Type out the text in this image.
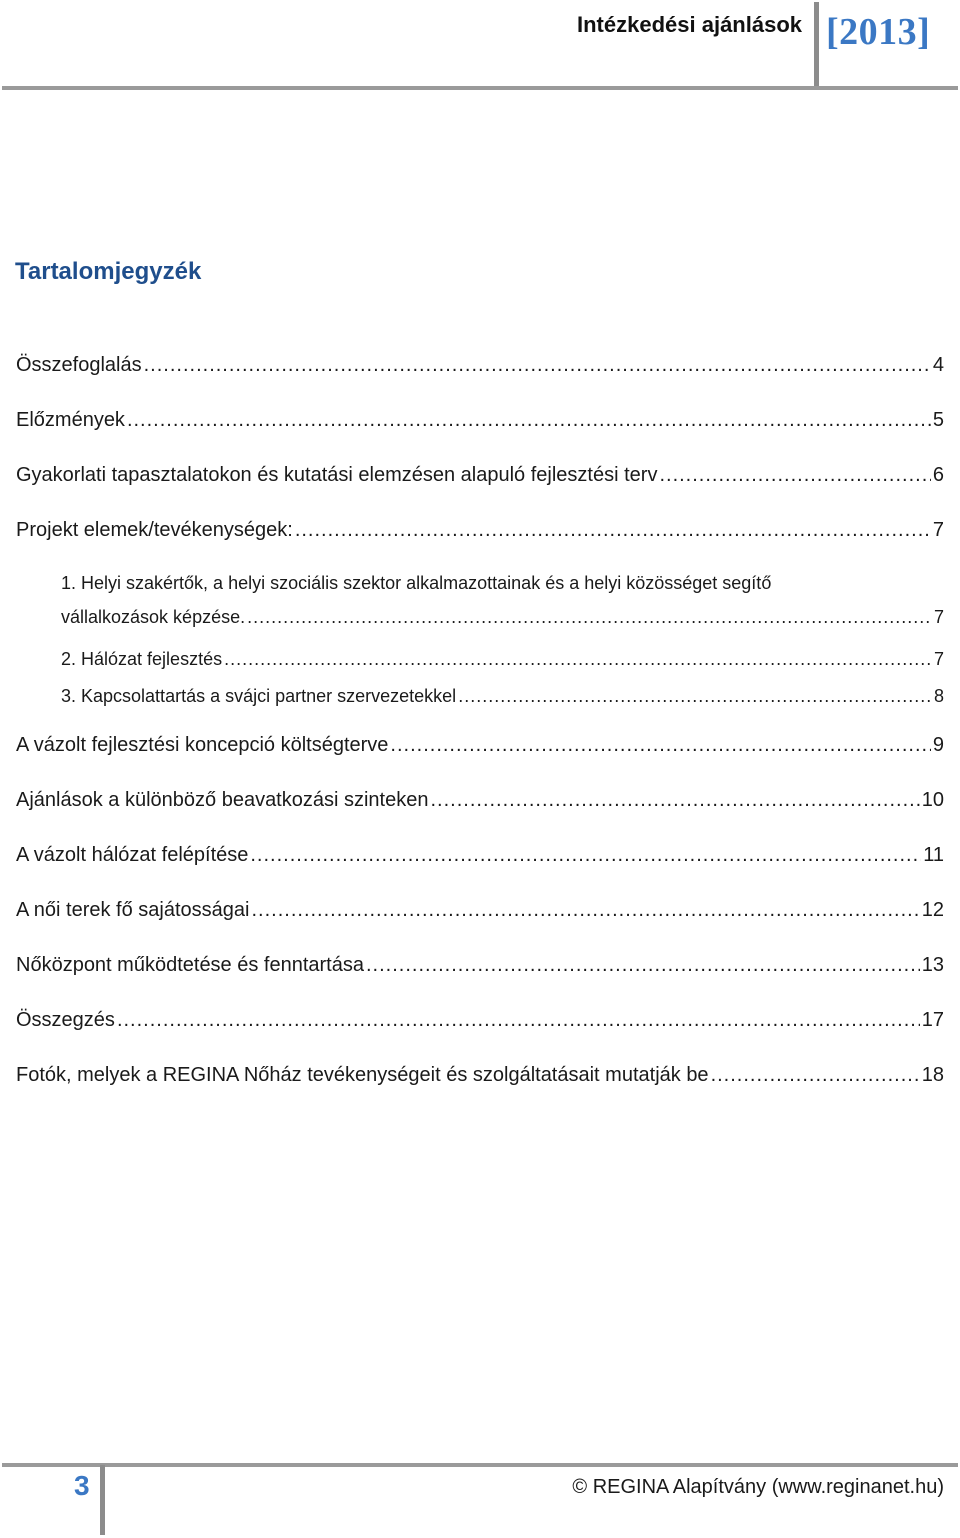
Intézkedési ajánlások [2013]
Tartalomjegyzék
Összefoglalás .....	4
Előzmények .....	5
Gyakorlati tapasztalatokon és kutatási elemzésen alapuló fejlesztési terv .....	6
Projekt elemek/tevékenységek: .....	7
1. Helyi szakértők, a helyi szociális szektor alkalmazottainak és a helyi közösséget segítő
vállalkozások képzése. .....	7
2. Hálózat fejlesztés .....	7
3. Kapcsolattartás a svájci partner szervezetekkel .....	8
A vázolt fejlesztési koncepció költségterve .....	9
Ajánlások a különböző beavatkozási szinteken .....	10
A vázolt hálózat felépítése .....	11
A női terek fő sajátosságai .....	12
Nőközpont működtetése és fenntartása .....	13
Összegzés .....	17
Fotók, melyek a REGINA Nőház tevékenységeit és szolgáltatásait mutatják be .....	18
3	© REGINA Alapítvány (www.reginanet.hu)
